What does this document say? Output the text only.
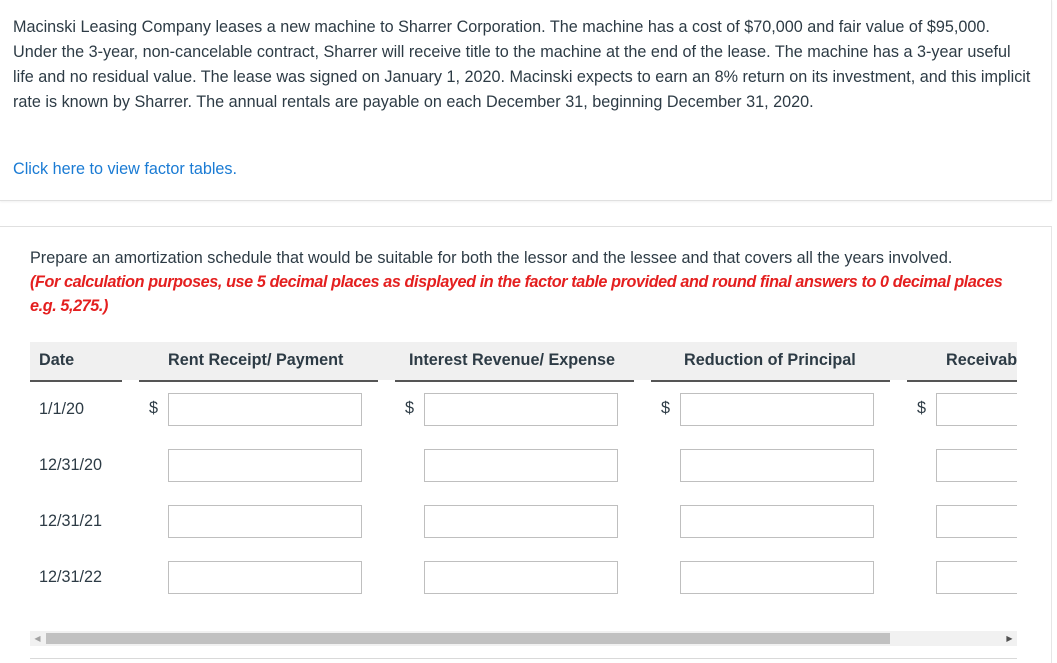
Macinski Leasing Company leases a new machine to Sharrer Corporation. The machine has a cost of $70,000 and fair value of $95,000. Under the 3-year, non-cancelable contract, Sharrer will receive title to the machine at the end of the lease. The machine has a 3-year useful life and no residual value. The lease was signed on January 1, 2020. Macinski expects to earn an 8% return on its investment, and this implicit rate is known by Sharrer. The annual rentals are payable on each December 31, beginning December 31, 2020.
Click here to view factor tables.
Prepare an amortization schedule that would be suitable for both the lessor and the lessee and that covers all the years involved.
(For calculation purposes, use 5 decimal places as displayed in the factor table provided and round final answers to 0 decimal places e.g. 5,275.)
Date	Rent Receipt/ Payment	Interest Revenue/ Expense	Reduction of Principal	Receivab
1/1/20	$	$	$	$
12/31/20
12/31/21
12/31/22
◀	▶
